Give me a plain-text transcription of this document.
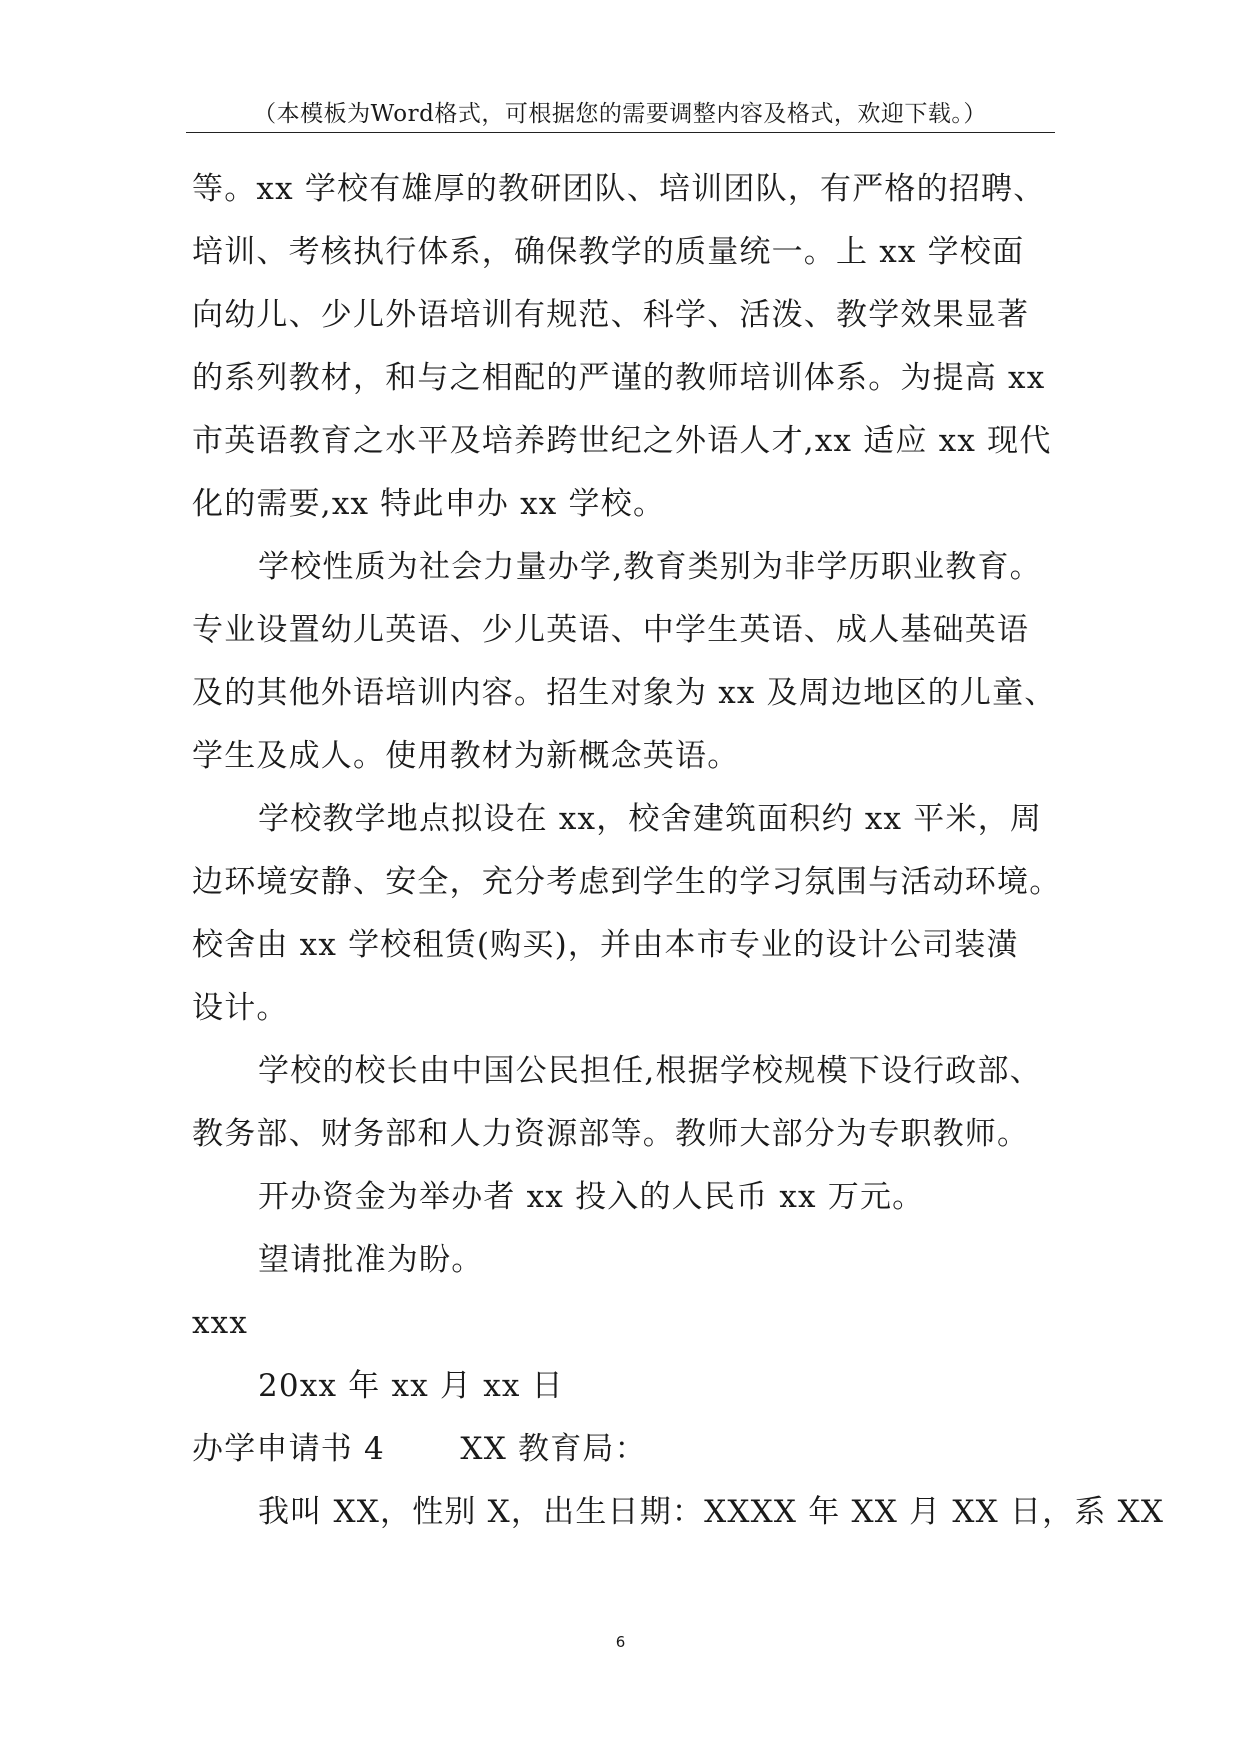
（本模板为Word格式，可根据您的需要调整内容及格式，欢迎下载。）
等。xx 学校有雄厚的教研团队、培训团队，有严格的招聘、
培训、考核执行体系，确保教学的质量统一。上 xx 学校面
向幼儿、少儿外语培训有规范、科学、活泼、教学效果显著
的系列教材，和与之相配的严谨的教师培训体系。为提高 xx
市英语教育之水平及培养跨世纪之外语人才,xx 适应 xx 现代
化的需要,xx 特此申办 xx 学校。
学校性质为社会力量办学,教育类别为非学历职业教育。
专业设置幼儿英语、少儿英语、中学生英语、成人基础英语
及的其他外语培训内容。招生对象为 xx 及周边地区的儿童、
学生及成人。使用教材为新概念英语。
学校教学地点拟设在 xx，校舍建筑面积约 xx 平米，周
边环境安静、安全，充分考虑到学生的学习氛围与活动环境。
校舍由 xx 学校租赁(购买)，并由本市专业的设计公司装潢
设计。
学校的校长由中国公民担任,根据学校规模下设行政部、
教务部、财务部和人力资源部等。教师大部分为专职教师。
开办资金为举办者 xx 投入的人民币 xx 万元。
望请批准为盼。
xxx
20xx 年 xx 月 xx 日
办学申请书 4　　 XX 教育局：
我叫 XX，性别 X，出生日期：XXXX 年 XX 月 XX 日，系 XX
6
